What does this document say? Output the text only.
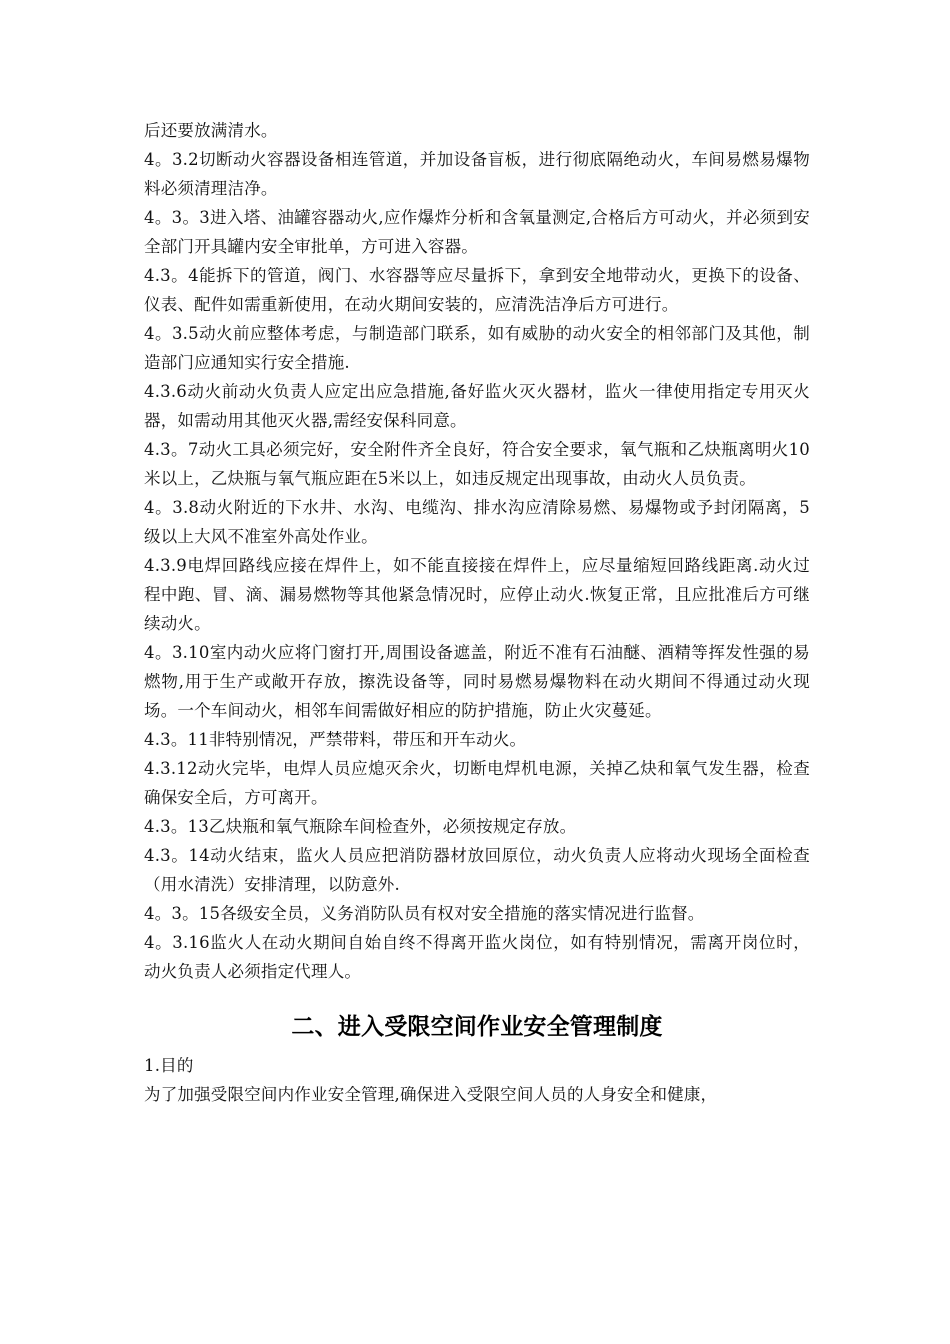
后还要放满清水。

4。3.2切断动火容器设备相连管道，并加设备盲板，进行彻底隔绝动火，车间易燃易爆物料必须清理洁净。

4。3。3进入塔、油罐容器动火,应作爆炸分析和含氧量测定,合格后方可动火，并必须到安全部门开具罐内安全审批单，方可进入容器。

4.3。4能拆下的管道，阀门、水容器等应尽量拆下，拿到安全地带动火，更换下的设备、仪表、配件如需重新使用，在动火期间安装的，应清洗洁净后方可进行。

4。3.5动火前应整体考虑，与制造部门联系，如有威胁的动火安全的相邻部门及其他，制造部门应通知实行安全措施.

4.3.6动火前动火负责人应定出应急措施,备好监火灭火器材，监火一律使用指定专用灭火器，如需动用其他灭火器,需经安保科同意。

4.3。7动火工具必须完好，安全附件齐全良好，符合安全要求，氧气瓶和乙炔瓶离明火10米以上，乙炔瓶与氧气瓶应距在5米以上，如违反规定出现事故，由动火人员负责。

4。3.8动火附近的下水井、水沟、电缆沟、排水沟应清除易燃、易爆物或予封闭隔离，5级以上大风不准室外高处作业。

4.3.9电焊回路线应接在焊件上，如不能直接接在焊件上，应尽量缩短回路线距离.动火过程中跑、冒、滴、漏易燃物等其他紧急情况时，应停止动火.恢复正常，且应批准后方可继续动火。

4。3.10室内动火应将门窗打开,周围设备遮盖，附近不准有石油醚、酒精等挥发性强的易燃物,用于生产或敞开存放，擦洗设备等，同时易燃易爆物料在动火期间不得通过动火现场。一个车间动火，相邻车间需做好相应的防护措施，防止火灾蔓延。

4.3。11非特别情况，严禁带料，带压和开车动火。

4.3.12动火完毕，电焊人员应熄灭余火，切断电焊机电源，关掉乙炔和氧气发生器，检查确保安全后，方可离开。

4.3。13乙炔瓶和氧气瓶除车间检查外，必须按规定存放。

4.3。14动火结束，监火人员应把消防器材放回原位，动火负责人应将动火现场全面检查（用水清洗）安排清理，以防意外.

4。3。15各级安全员，义务消防队员有权对安全措施的落实情况进行监督。

4。3.16监火人在动火期间自始自终不得离开监火岗位，如有特别情况，需离开岗位时，动火负责人必须指定代理人。

二、进入受限空间作业安全管理制度

1.目的

为了加强受限空间内作业安全管理,确保进入受限空间人员的人身安全和健康，
